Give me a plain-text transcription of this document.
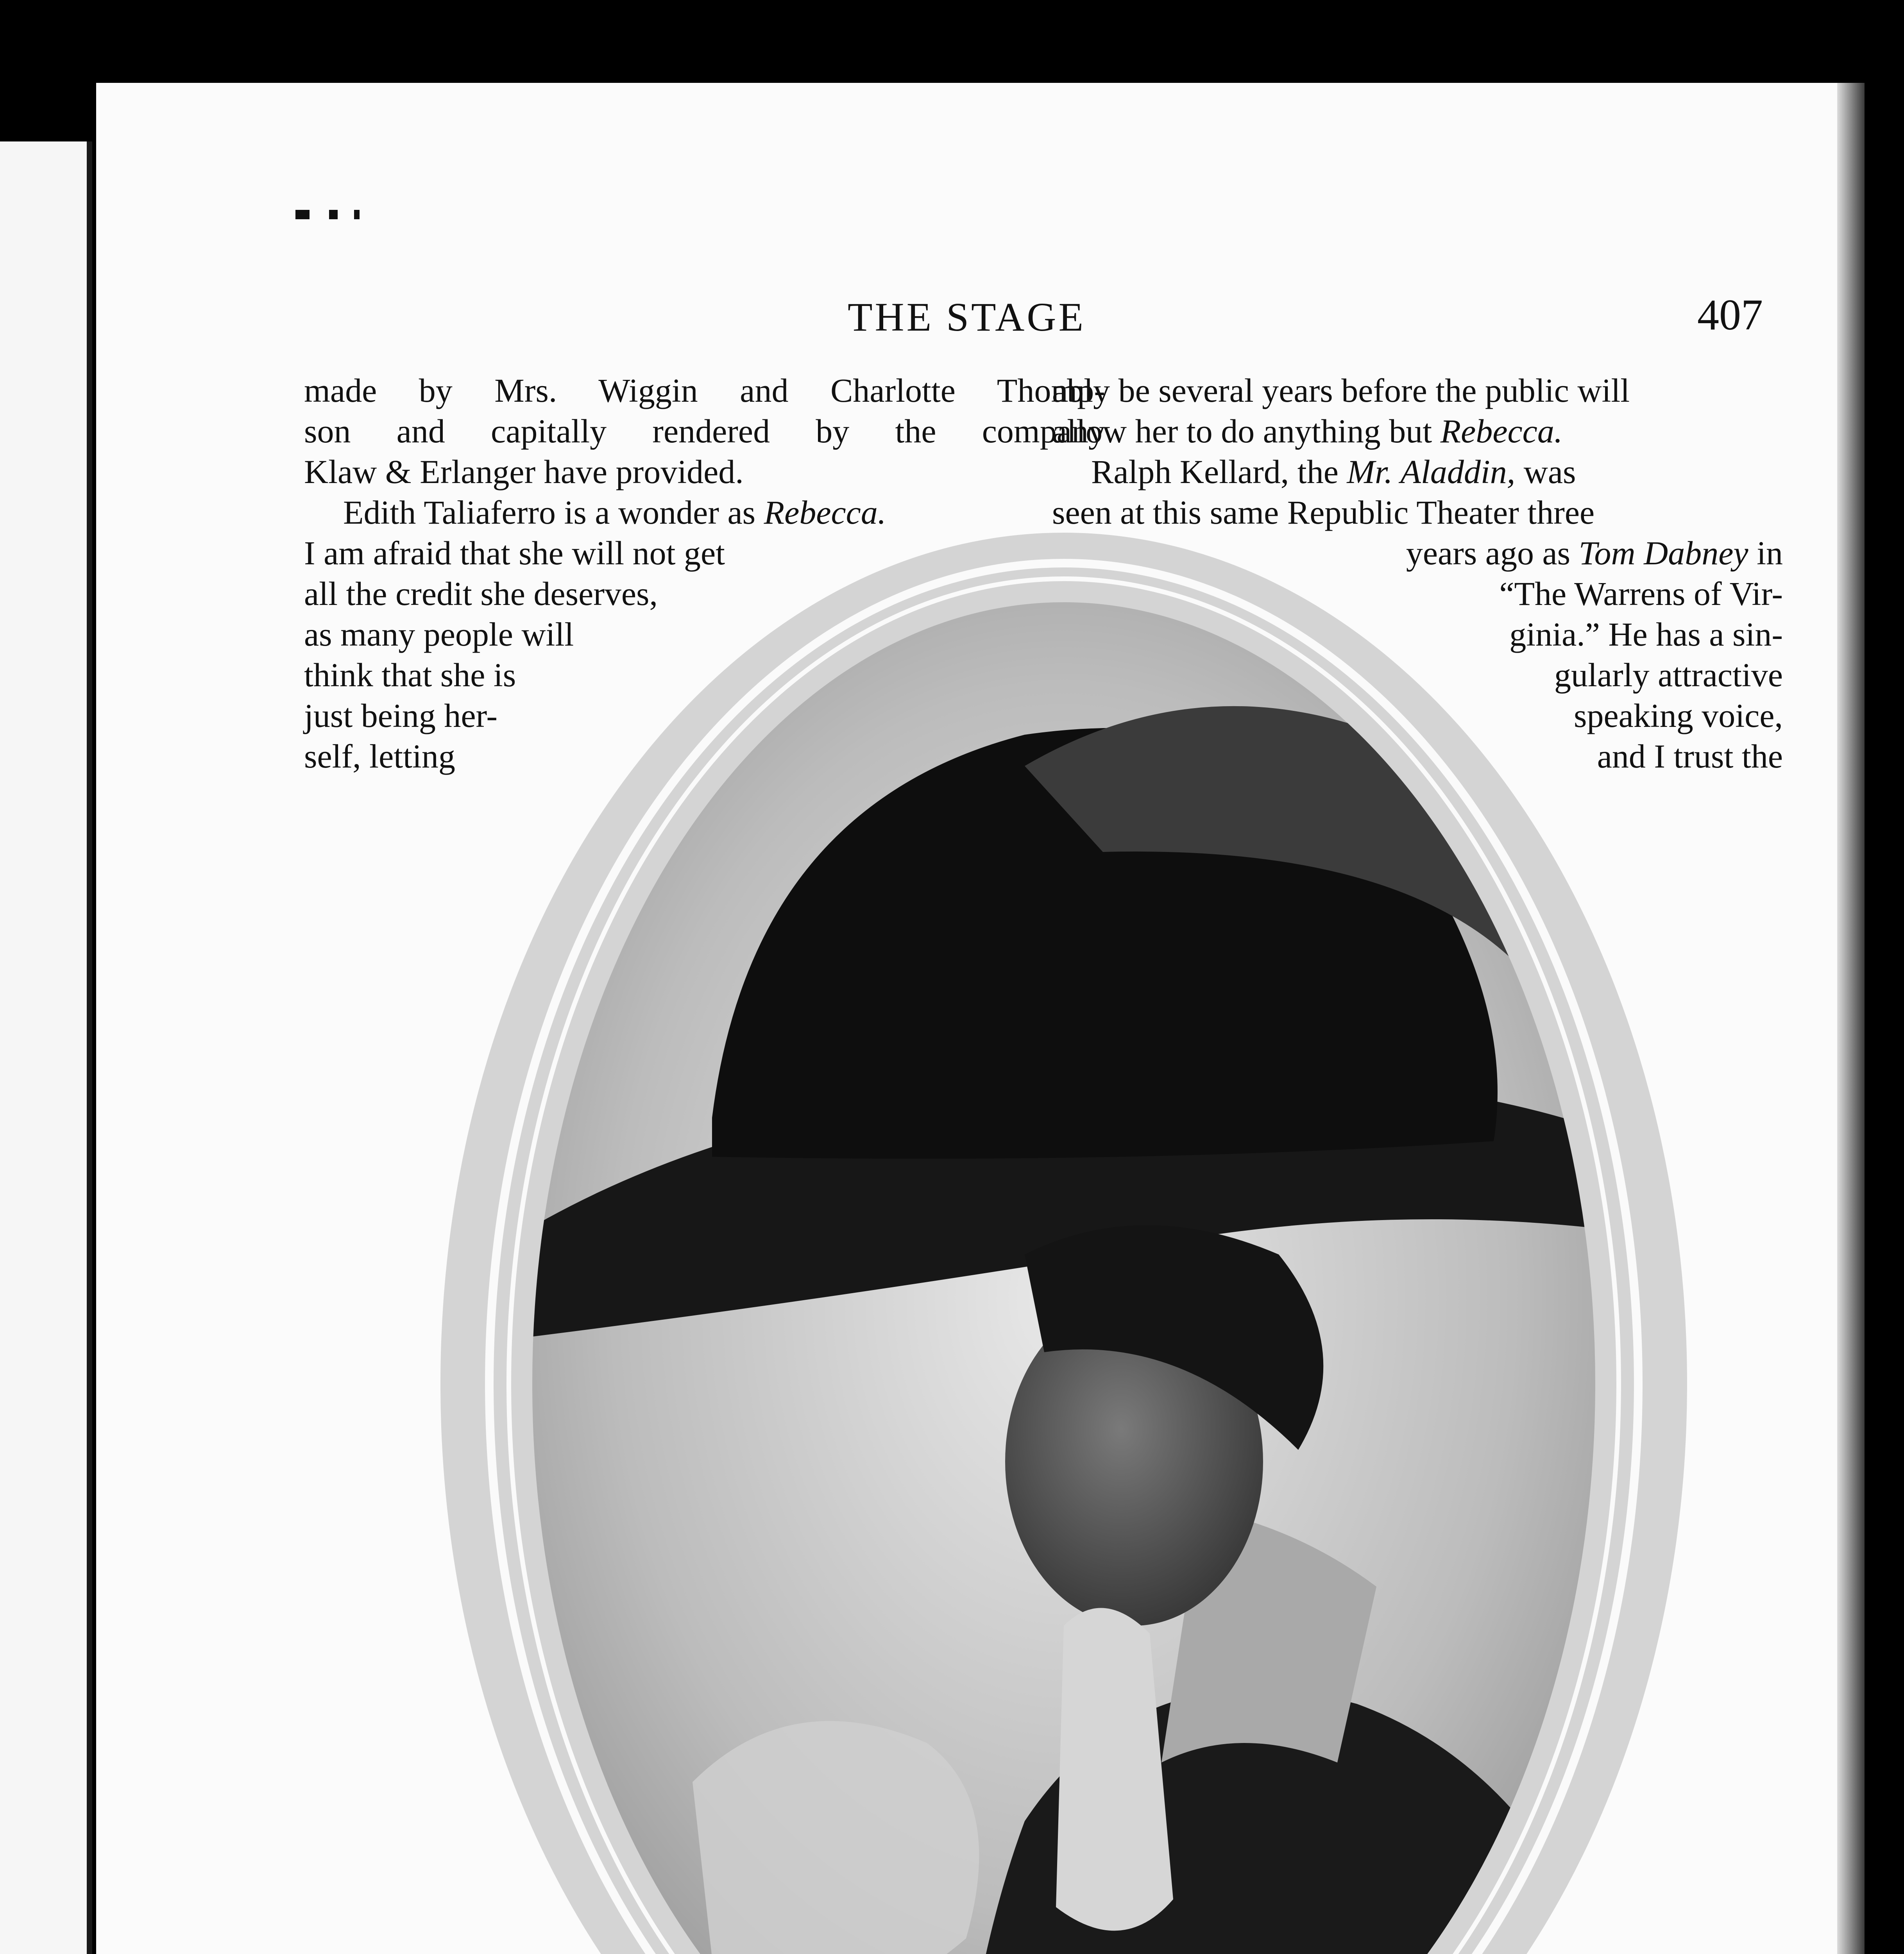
THE STAGE	407

made by Mrs. Wiggin and Charlotte Thomp-
son and capitally rendered by the company
Klaw & Erlanger have provided.

Edith Taliaferro is a wonder as Rebecca.

I am afraid that she will not get
all the credit she deserves,
as many people will
think that she is
just being her-
self, letting
ably be several years before the public will
allow her to do anything but Rebecca.
Ralph Kellard, the Mr. Aladdin, was
seen at this same Republic Theater three
years ago as Tom Dabney in
“The Warrens of Vir-
ginia.” He has a sin-
gularly attractive
speaking voice,
and I trust the
